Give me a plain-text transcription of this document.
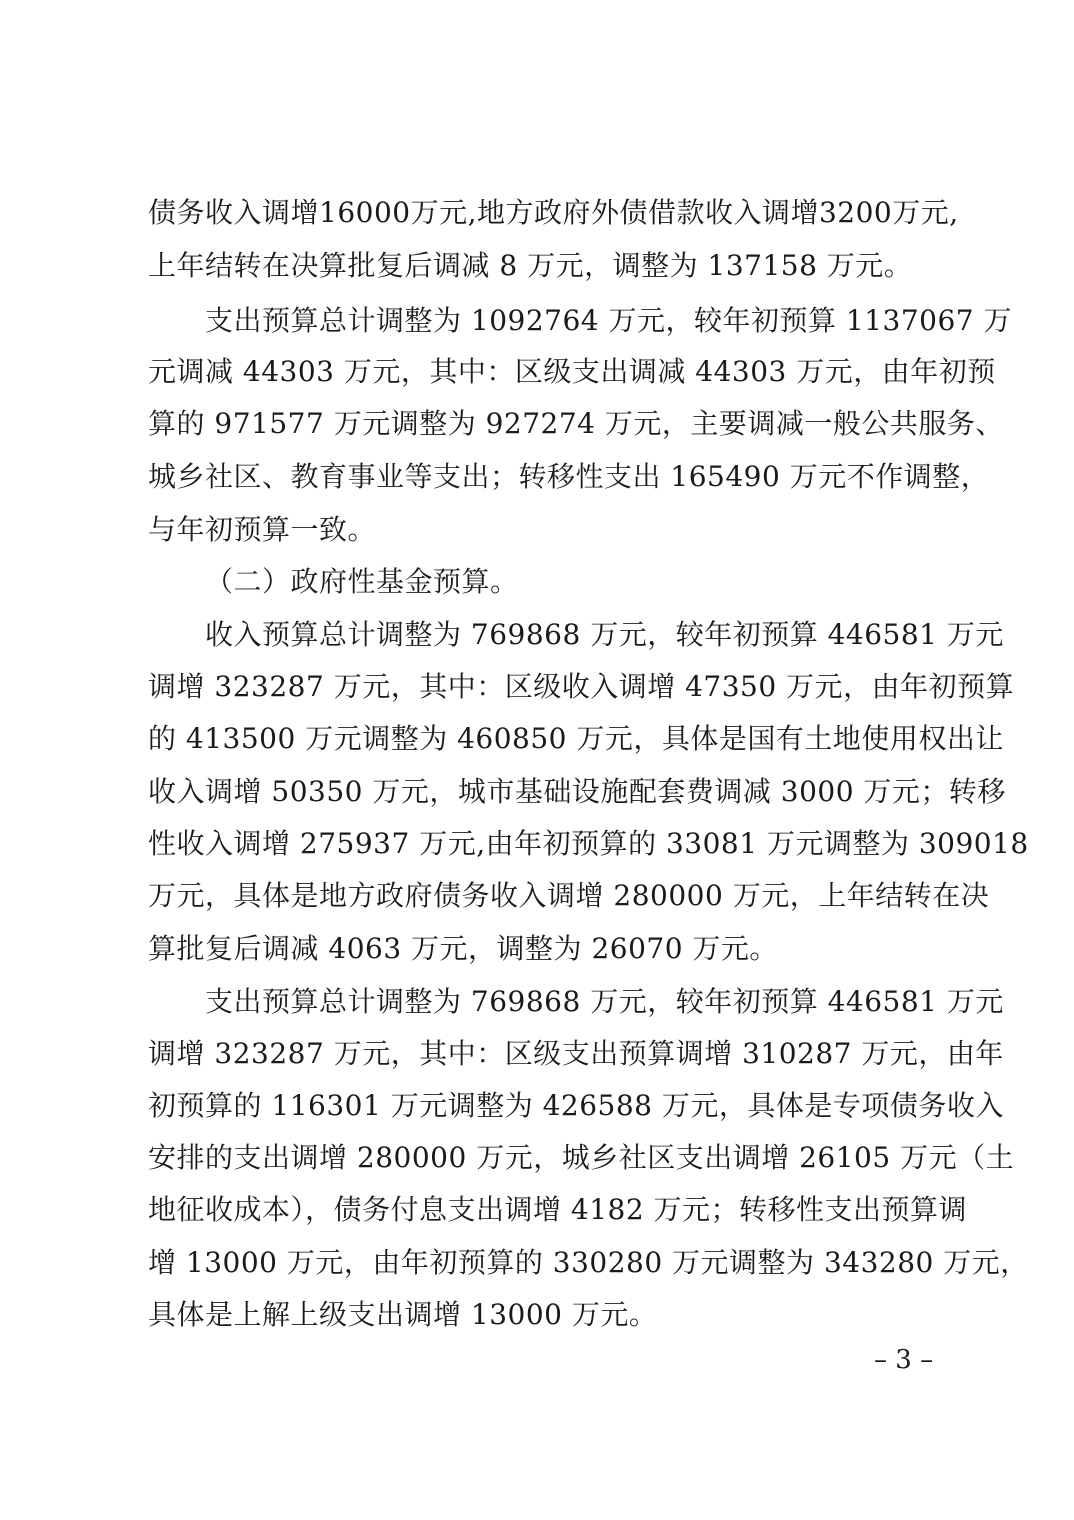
债务收入调增16000万元,地方政府外债借款收入调增3200万元,
上年结转在决算批复后调减 8 万元，调整为 137158 万元。
支出预算总计调整为 1092764 万元，较年初预算 1137067 万
元调减 44303 万元，其中：区级支出调减 44303 万元，由年初预
算的 971577 万元调整为 927274 万元，主要调减一般公共服务、
城乡社区、教育事业等支出；转移性支出 165490 万元不作调整，
与年初预算一致。
（二）政府性基金预算。
收入预算总计调整为 769868 万元，较年初预算 446581 万元
调增 323287 万元，其中：区级收入调增 47350 万元，由年初预算
的 413500 万元调整为 460850 万元，具体是国有土地使用权出让
收入调增 50350 万元，城市基础设施配套费调减 3000 万元；转移
性收入调增 275937 万元,由年初预算的 33081 万元调整为 309018
万元，具体是地方政府债务收入调增 280000 万元，上年结转在决
算批复后调减 4063 万元，调整为 26070 万元。
支出预算总计调整为 769868 万元，较年初预算 446581 万元
调增 323287 万元，其中：区级支出预算调增 310287 万元，由年
初预算的 116301 万元调整为 426588 万元，具体是专项债务收入
安排的支出调增 280000 万元，城乡社区支出调增 26105 万元（土
地征收成本），债务付息支出调增 4182 万元；转移性支出预算调
增 13000 万元，由年初预算的 330280 万元调整为 343280 万元，
具体是上解上级支出调增 13000 万元。
– 3 –
